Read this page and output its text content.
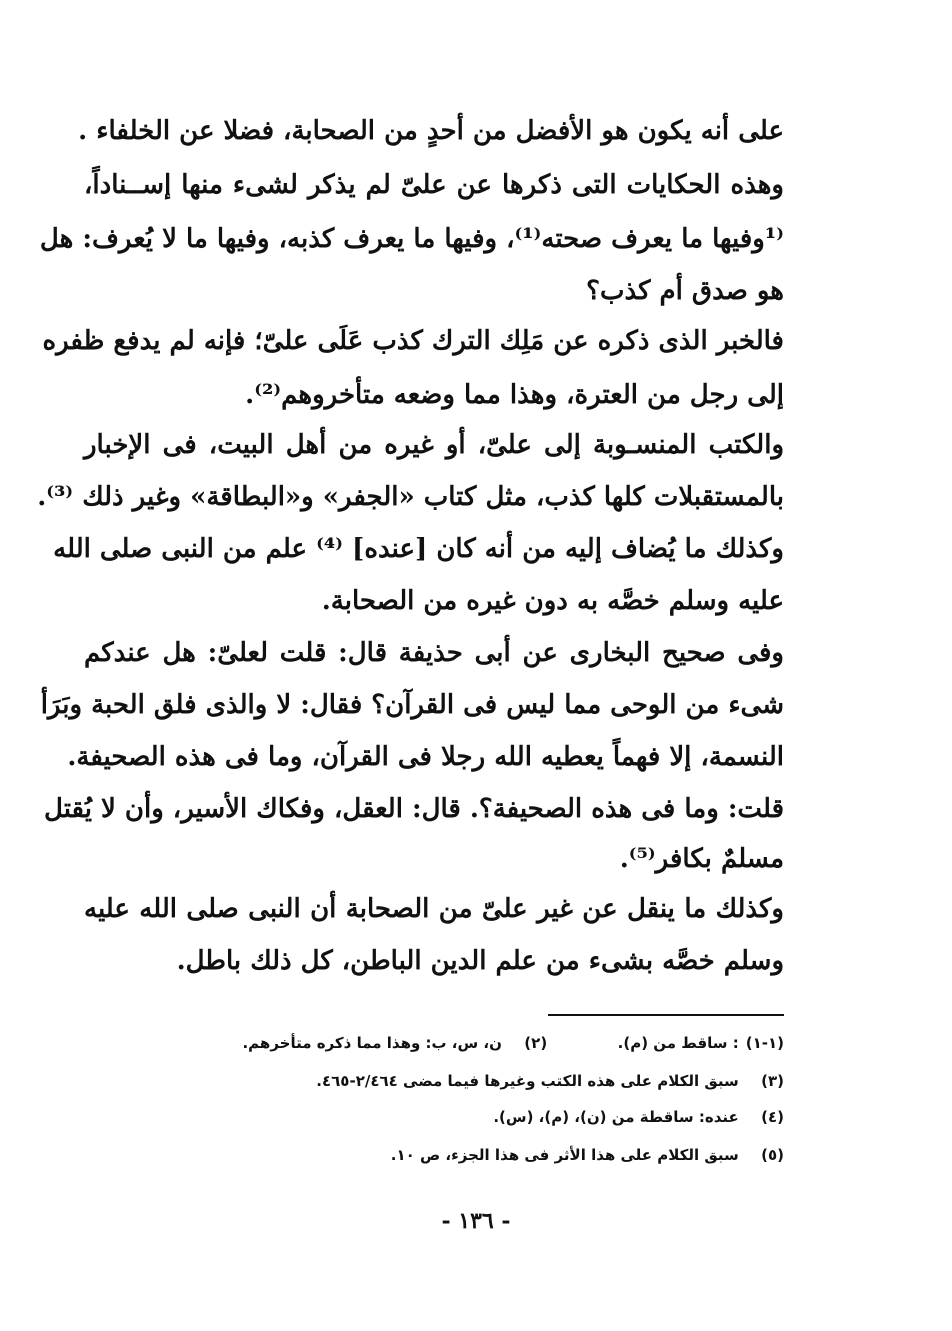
على أنه يكون هو الأفضل من أحدٍ من الصحابة، فضلا عن الخلفاء .
وهذه الحكايات التى ذكرها عن علىّ لم يذكر لشىء منها إســناداً،
⁽¹وفيها ما يعرف صحته⁽¹⁾، وفيها ما يعرف كذبه، وفيها ما لا يُعرف: هل
هو صدق أم كذب؟
فالخبر الذى ذكره عن مَلِك الترك كذب عَلَى علىّ؛ فإنه لم يدفع ظفره
إلى رجل من العترة، وهذا مما وضعه متأخروهم⁽²⁾.
والكتب المنسـوبة إلى علىّ، أو غيره من أهل البيت، فى الإخبار
بالمستقبلات كلها كذب، مثل كتاب «الجفر» و«البطاقة» وغير ذلك ⁽³⁾.
وكذلك ما يُضاف إليه من أنه كان [عنده] ⁽⁴⁾ علم من النبى صلى الله
عليه وسلم خصَّه به دون غيره من الصحابة.
وفى صحيح البخارى عن أبى حذيفة قال: قلت لعلىّ: هل عندكم
شىء من الوحى مما ليس فى القرآن؟ فقال: لا والذى فلق الحبة وبَرَأ
النسمة، إلا فهماً يعطيه الله رجلا فى القرآن، وما فى هذه الصحيفة.
قلت: وما فى هذه الصحيفة؟. قال: العقل، وفكاك الأسير، وأن لا يُقتل
مسلمٌ بكافر⁽⁵⁾.
وكذلك ما ينقل عن غير علىّ من الصحابة أن النبى صلى الله عليه
وسلم خصَّه بشىء من علم الدين الباطن، كل ذلك باطل.
(١-١) : ساقط من (م).  (٢) ن، س، ب: وهذا مما ذكره متأخرهم.
(٣) سبق الكلام على هذه الكتب وغيرها فيما مضى ٢/٤٦٤-٤٦٥.
(٤) عنده: ساقطة من (ن)، (م)، (س).
(٥) سبق الكلام على هذا الأثر فى هذا الجزء، ص ١٠.
- ١٣٦ -
